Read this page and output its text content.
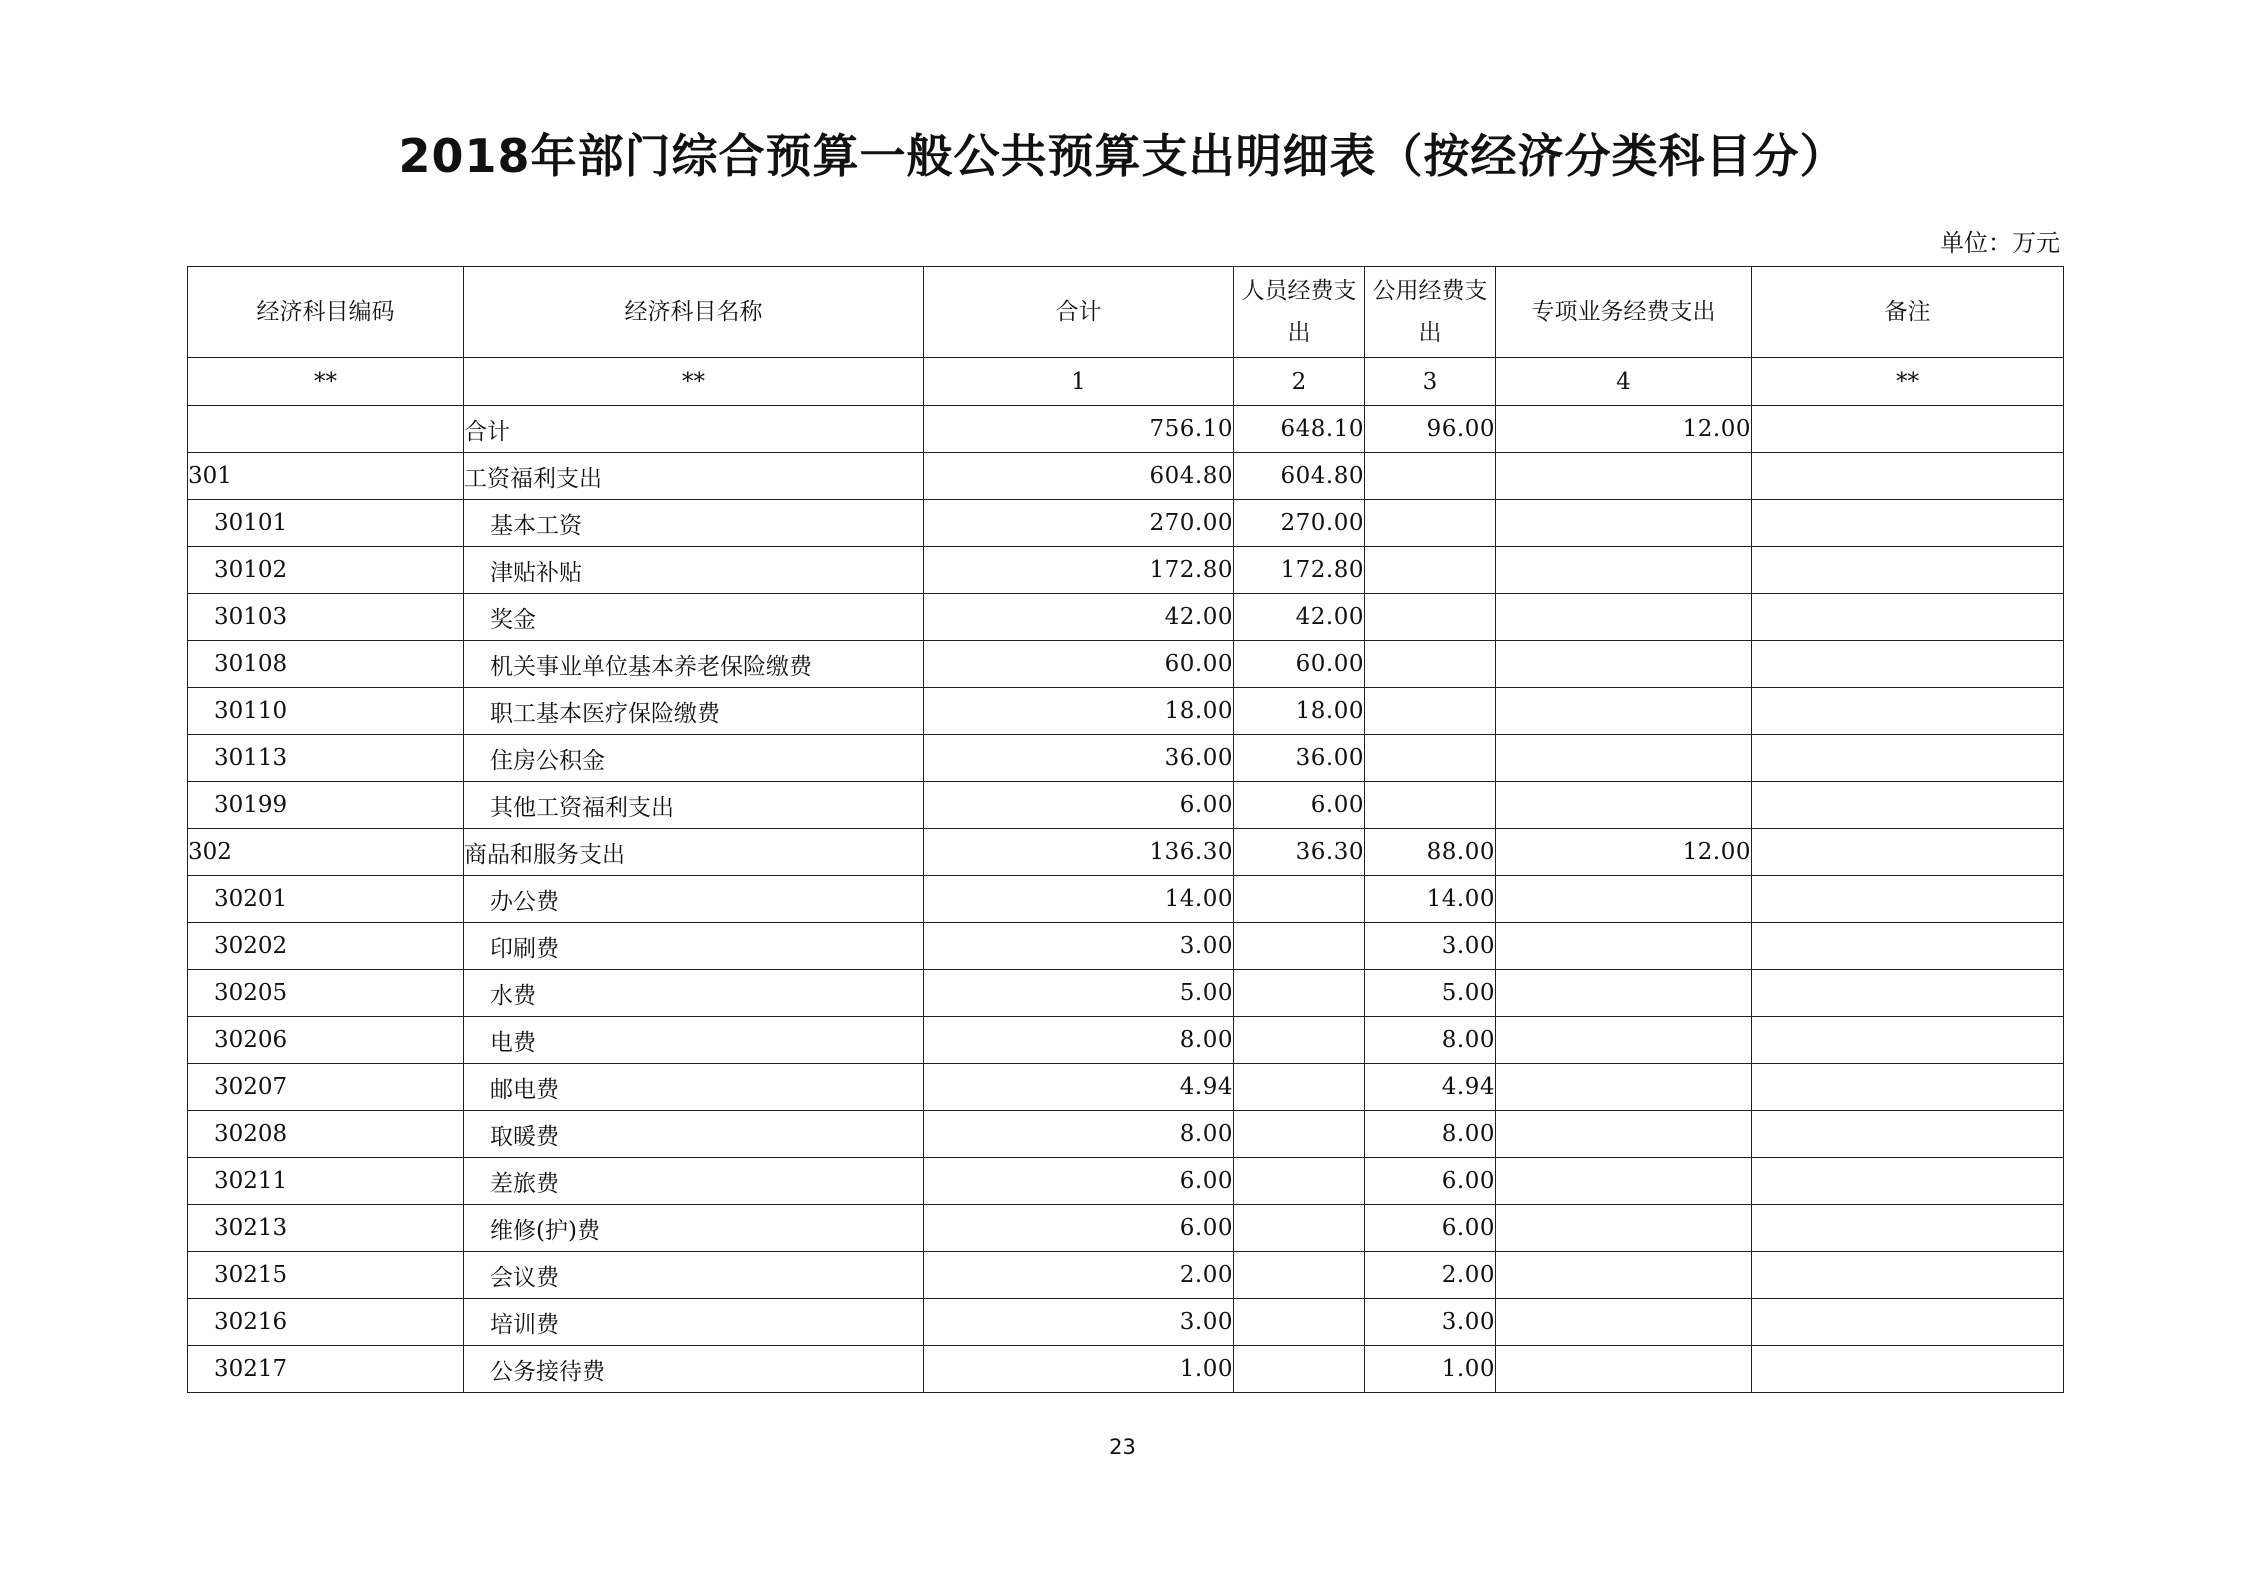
2018年部门综合预算一般公共预算支出明细表（按经济分类科目分）
单位：万元
经济科目编码	经济科目名称	合计	人员经费支出	公用经费支出	专项业务经费支出	备注
**	**	1	2	3	4	**
	合计	756.10	648.10	96.00	12.00	
301	工资福利支出	604.80	604.80			
30101	基本工资	270.00	270.00			
30102	津贴补贴	172.80	172.80			
30103	奖金	42.00	42.00			
30108	机关事业单位基本养老保险缴费	60.00	60.00			
30110	职工基本医疗保险缴费	18.00	18.00			
30113	住房公积金	36.00	36.00			
30199	其他工资福利支出	6.00	6.00			
302	商品和服务支出	136.30	36.30	88.00	12.00	
30201	办公费	14.00		14.00		
30202	印刷费	3.00		3.00		
30205	水费	5.00		5.00		
30206	电费	8.00		8.00		
30207	邮电费	4.94		4.94		
30208	取暖费	8.00		8.00		
30211	差旅费	6.00		6.00		
30213	维修(护)费	6.00		6.00		
30215	会议费	2.00		2.00		
30216	培训费	3.00		3.00		
30217	公务接待费	1.00		1.00		
23
